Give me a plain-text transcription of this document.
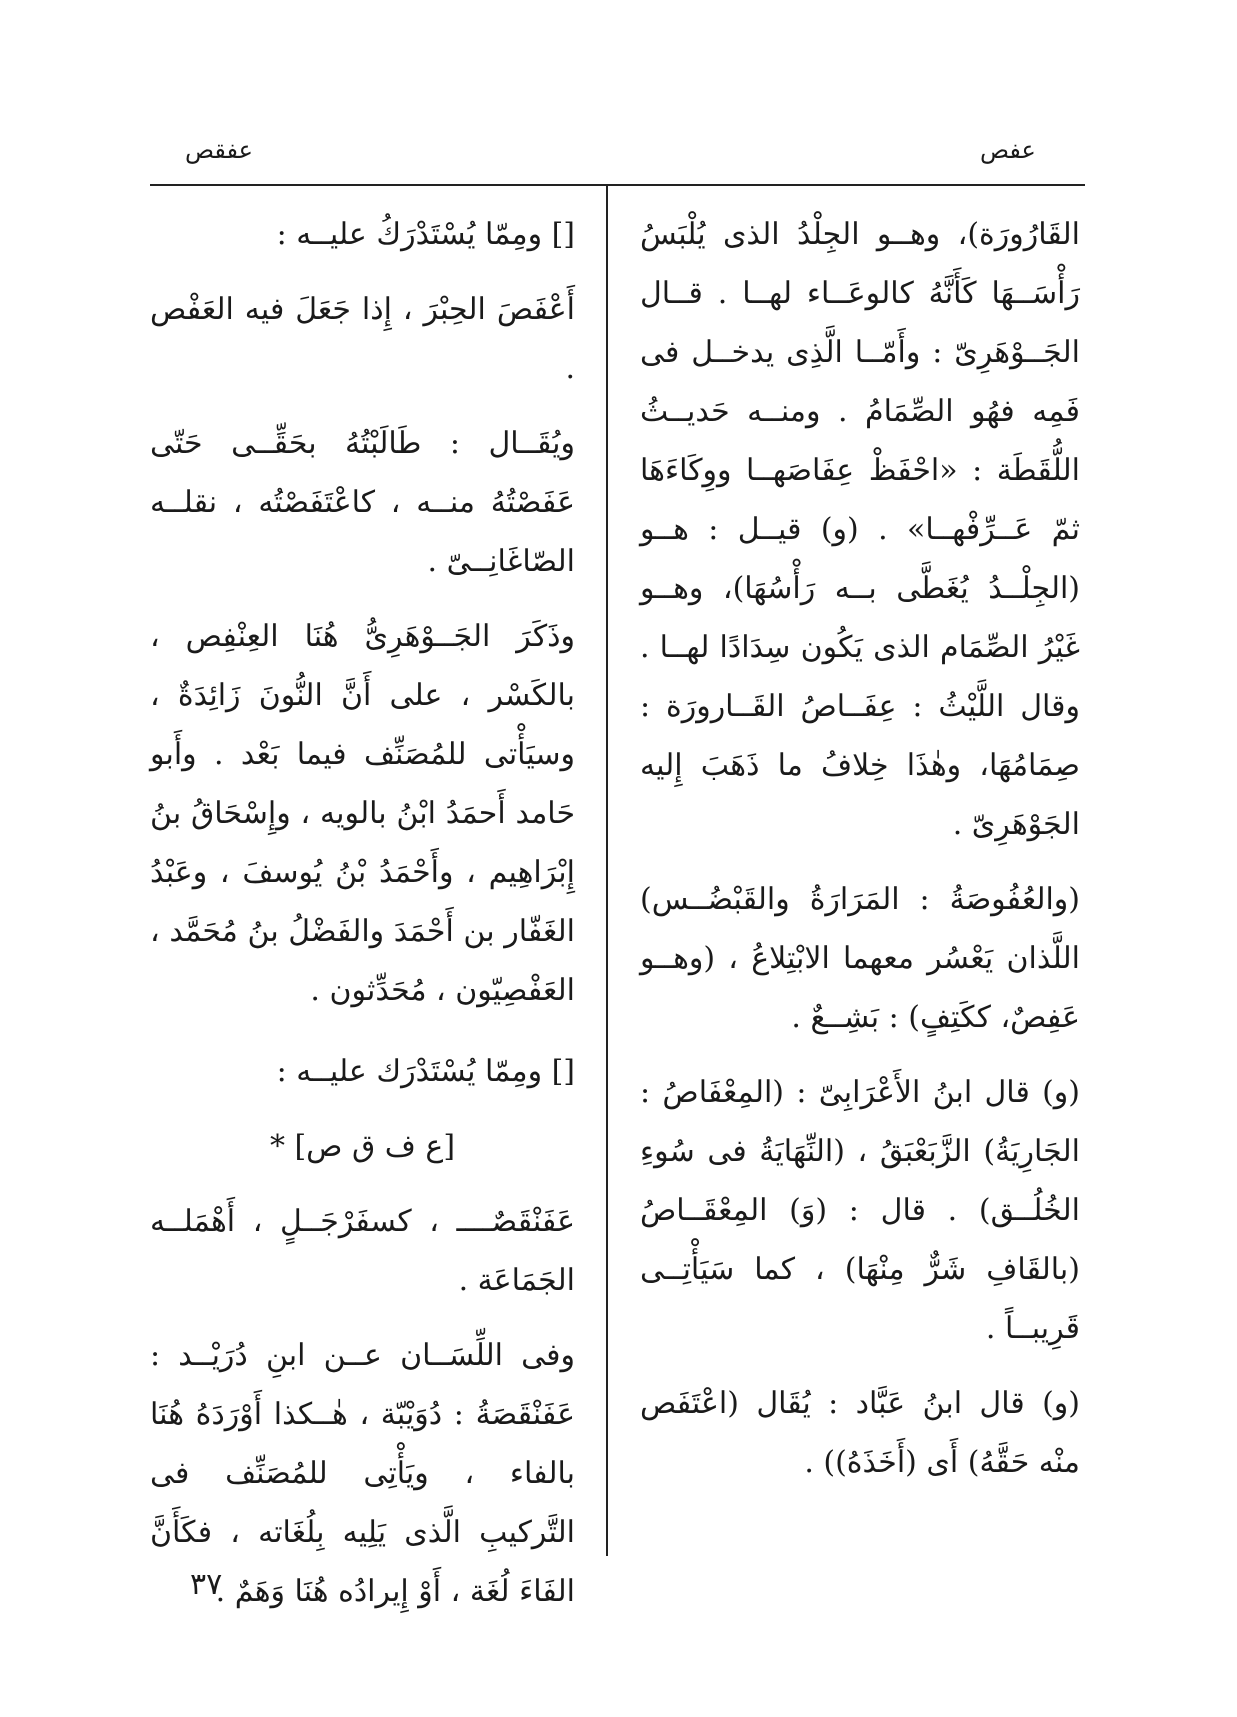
عفص
عفقص

القَارُورَة)، وهــو الجِلْدُ الذى يُلْبَسُ رَأْسَــهَا كَأَنَّهُ كالوعَــاء لهــا . قــال الجَــوْهَرِىّ : وأَمّــا الَّذِى يدخــل فى فَمِه فهُو الصِّمَامُ . ومنــه حَديــثُ اللُّقَطَة : «احْفَظْ عِفَاصَهــا ووِكَاءَهَا ثمّ عَــرِّفْهــا» . (و) قيــل : هــو (الجِلْــدُ يُغَطَّى بــه رَأْسُهَا)، وهــو غَيْرُ الصِّمَام الذى يَكُون سِدَادًا لهــا . وقال اللَّيْثُ : عِفَــاصُ القَــارورَة : صِمَامُهَا، وهٰذَا خِلافُ ما ذَهَبَ إِليه الجَوْهَرِىّ .

(والعُفُوصَةُ : المَرَارَةُ والقَبْضُــس) اللَّذان يَعْسُر معهما الابْتِلاعُ ، (وهــو عَفِصٌ، ككَتِفٍ) : بَشِــعٌ .

(و) قال ابنُ الأَعْرَابِىّ : (المِعْفَاصُ : الجَارِيَةُ) الزَّبَعْبَقُ ، (النِّهَايَةُ فى سُوءِ الخُلُــق) . قال : (وَ) المِعْقَــاصُ (بالقَافِ شَرٌّ مِنْهَا) ، كما سَيَأْتِــى قَرِيبــاً .

(و) قال ابنُ عَبَّاد : يُقَال (اعْتَفَص منْه حَقَّهُ) أَى (أَخَذَهُ)) .

[] ومِمّا يُسْتَدْرَكُ عليــه :

أَعْفَصَ الحِبْرَ ، إِذا جَعَلَ فيه العَفْص .

ويُقَــال : طَالَبْتُهُ بحَقِّــى حَتّى عَفَصْتُهُ منــه ، كاعْتَفَصْتُه ، نقلــه الصّاغَانِــىّ .

وذَكَرَ الجَــوْهَرِىُّ هُنَا العِنْفِص ، بالكَسْر ، على أَنَّ النُّونَ زَائِدَةٌ ، وسيَأْتى للمُصَنِّف فيما بَعْد . وأَبو حَامد أَحمَدُ ابْنُ بالويه ، وإِسْحَاقُ بنُ إِبْرَاهِيم ، وأَحْمَدُ بْنُ يُوسفَ ، وعَبْدُ الغَفّار بن أَحْمَدَ والفَضْلُ بنُ مُحَمَّد ، العَفْصِيّون ، مُحَدِّثون .

[] ومِمّا يُسْتَدْرَك عليــه :

[ع ف ق ص] *

عَفَنْقَصٌــــ ، كسفَرْجَــلٍ ، أَهْمَلــه الجَمَاعَة .

وفى اللِّسَــان عــن ابنِ دُرَيْــد : عَفَنْقَصَةُ : دُوَيْبّة ، هٰــكذا أَوْرَدَهُ هُنَا بالفاء ، ويَأْتِى للمُصَنِّف فى التَّركيبِ الَّذى يَلِيه بِلُغَاته ، فكَأَنَّ الفَاءَ لُغَة ، أَوْ إِيرادُه هُنَا وَهَمٌ .

٣٧
